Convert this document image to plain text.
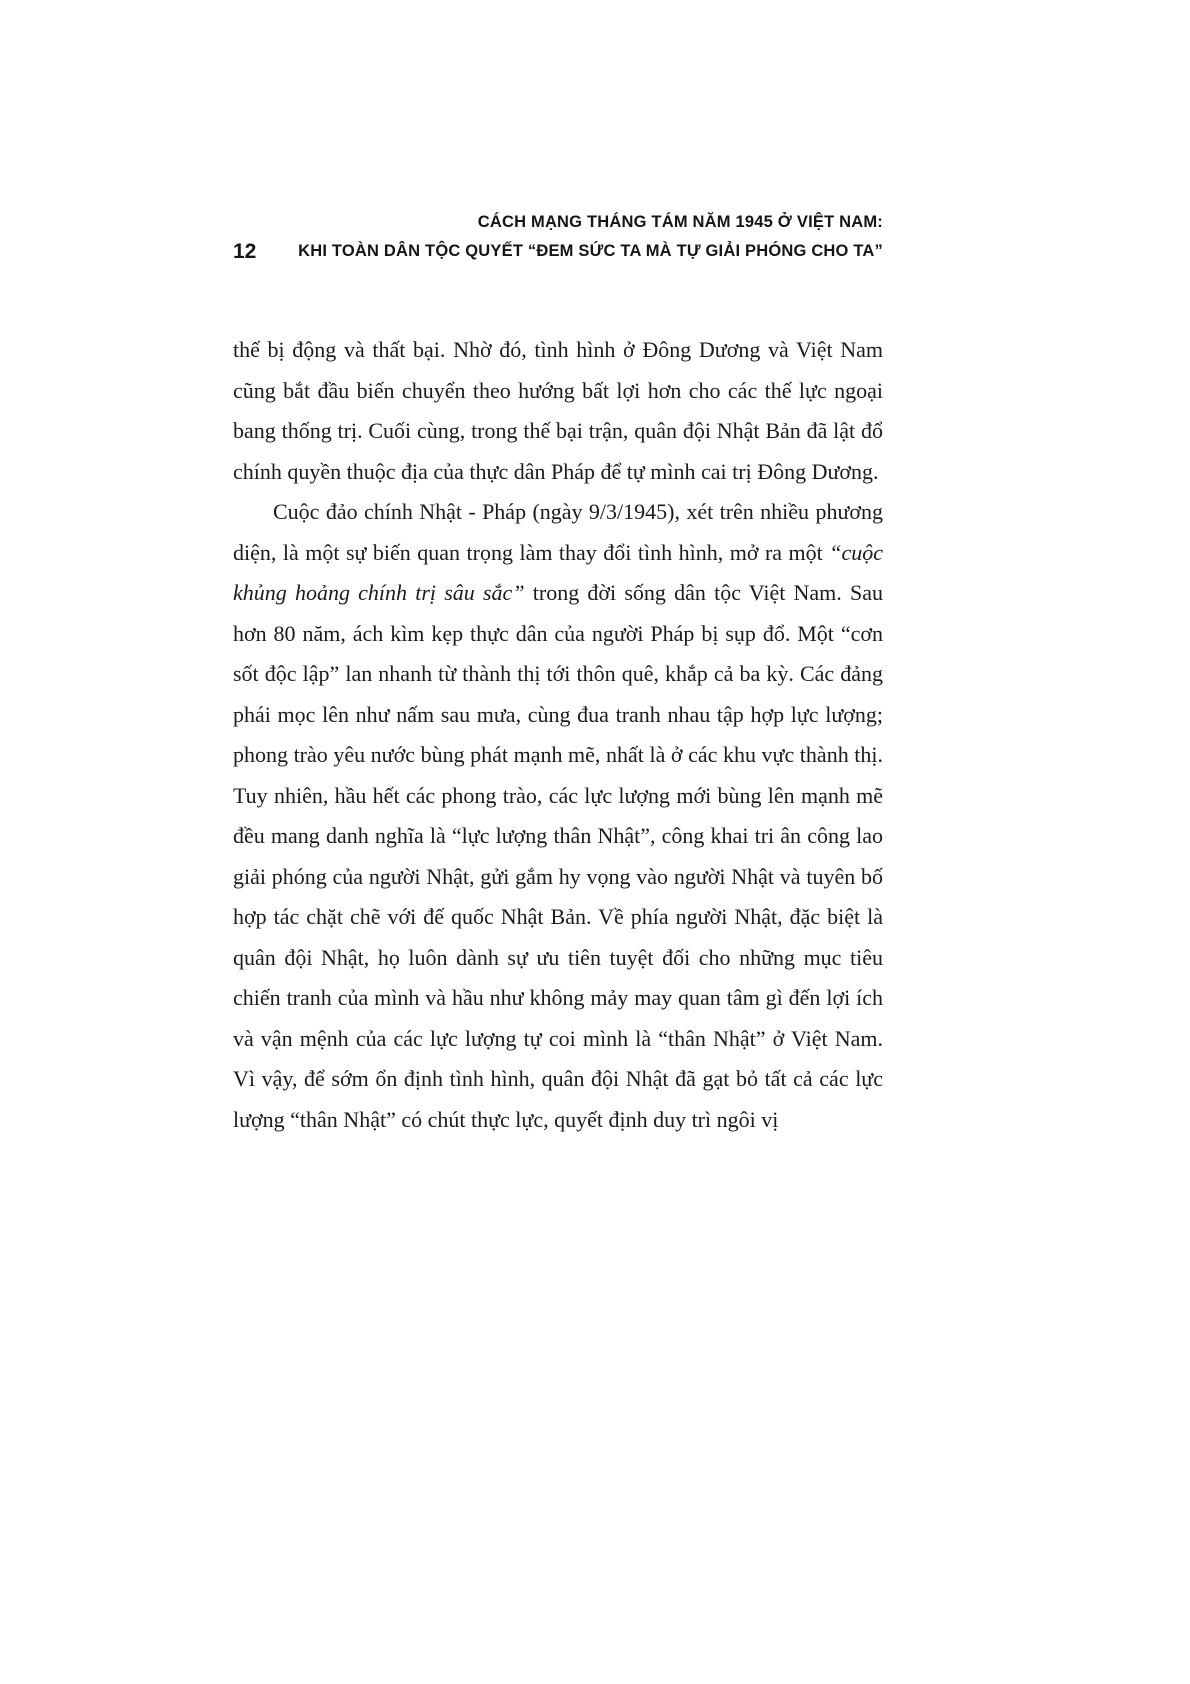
12
CÁCH MẠNG THÁNG TÁM NĂM 1945 Ở VIỆT NAM:
KHI TOÀN DÂN TỘC QUYẾT “ĐEM SỨC TA MÀ TỰ GIẢI PHÓNG CHO TA”

thế bị động và thất bại. Nhờ đó, tình hình ở Đông Dương và Việt Nam cũng bắt đầu biến chuyển theo hướng bất lợi hơn cho các thế lực ngoại bang thống trị. Cuối cùng, trong thế bại trận, quân đội Nhật Bản đã lật đổ chính quyền thuộc địa của thực dân Pháp để tự mình cai trị Đông Dương.

Cuộc đảo chính Nhật - Pháp (ngày 9/3/1945), xét trên nhiều phương diện, là một sự biến quan trọng làm thay đổi tình hình, mở ra một “cuộc khủng hoảng chính trị sâu sắc” trong đời sống dân tộc Việt Nam. Sau hơn 80 năm, ách kìm kẹp thực dân của người Pháp bị sụp đổ. Một “cơn sốt độc lập” lan nhanh từ thành thị tới thôn quê, khắp cả ba kỳ. Các đảng phái mọc lên như nấm sau mưa, cùng đua tranh nhau tập hợp lực lượng; phong trào yêu nước bùng phát mạnh mẽ, nhất là ở các khu vực thành thị. Tuy nhiên, hầu hết các phong trào, các lực lượng mới bùng lên mạnh mẽ đều mang danh nghĩa là “lực lượng thân Nhật”, công khai tri ân công lao giải phóng của người Nhật, gửi gắm hy vọng vào người Nhật và tuyên bố hợp tác chặt chẽ với đế quốc Nhật Bản. Về phía người Nhật, đặc biệt là quân đội Nhật, họ luôn dành sự ưu tiên tuyệt đối cho những mục tiêu chiến tranh của mình và hầu như không mảy may quan tâm gì đến lợi ích và vận mệnh của các lực lượng tự coi mình là “thân Nhật” ở Việt Nam. Vì vậy, để sớm ổn định tình hình, quân đội Nhật đã gạt bỏ tất cả các lực lượng “thân Nhật” có chút thực lực, quyết định duy trì ngôi vị
